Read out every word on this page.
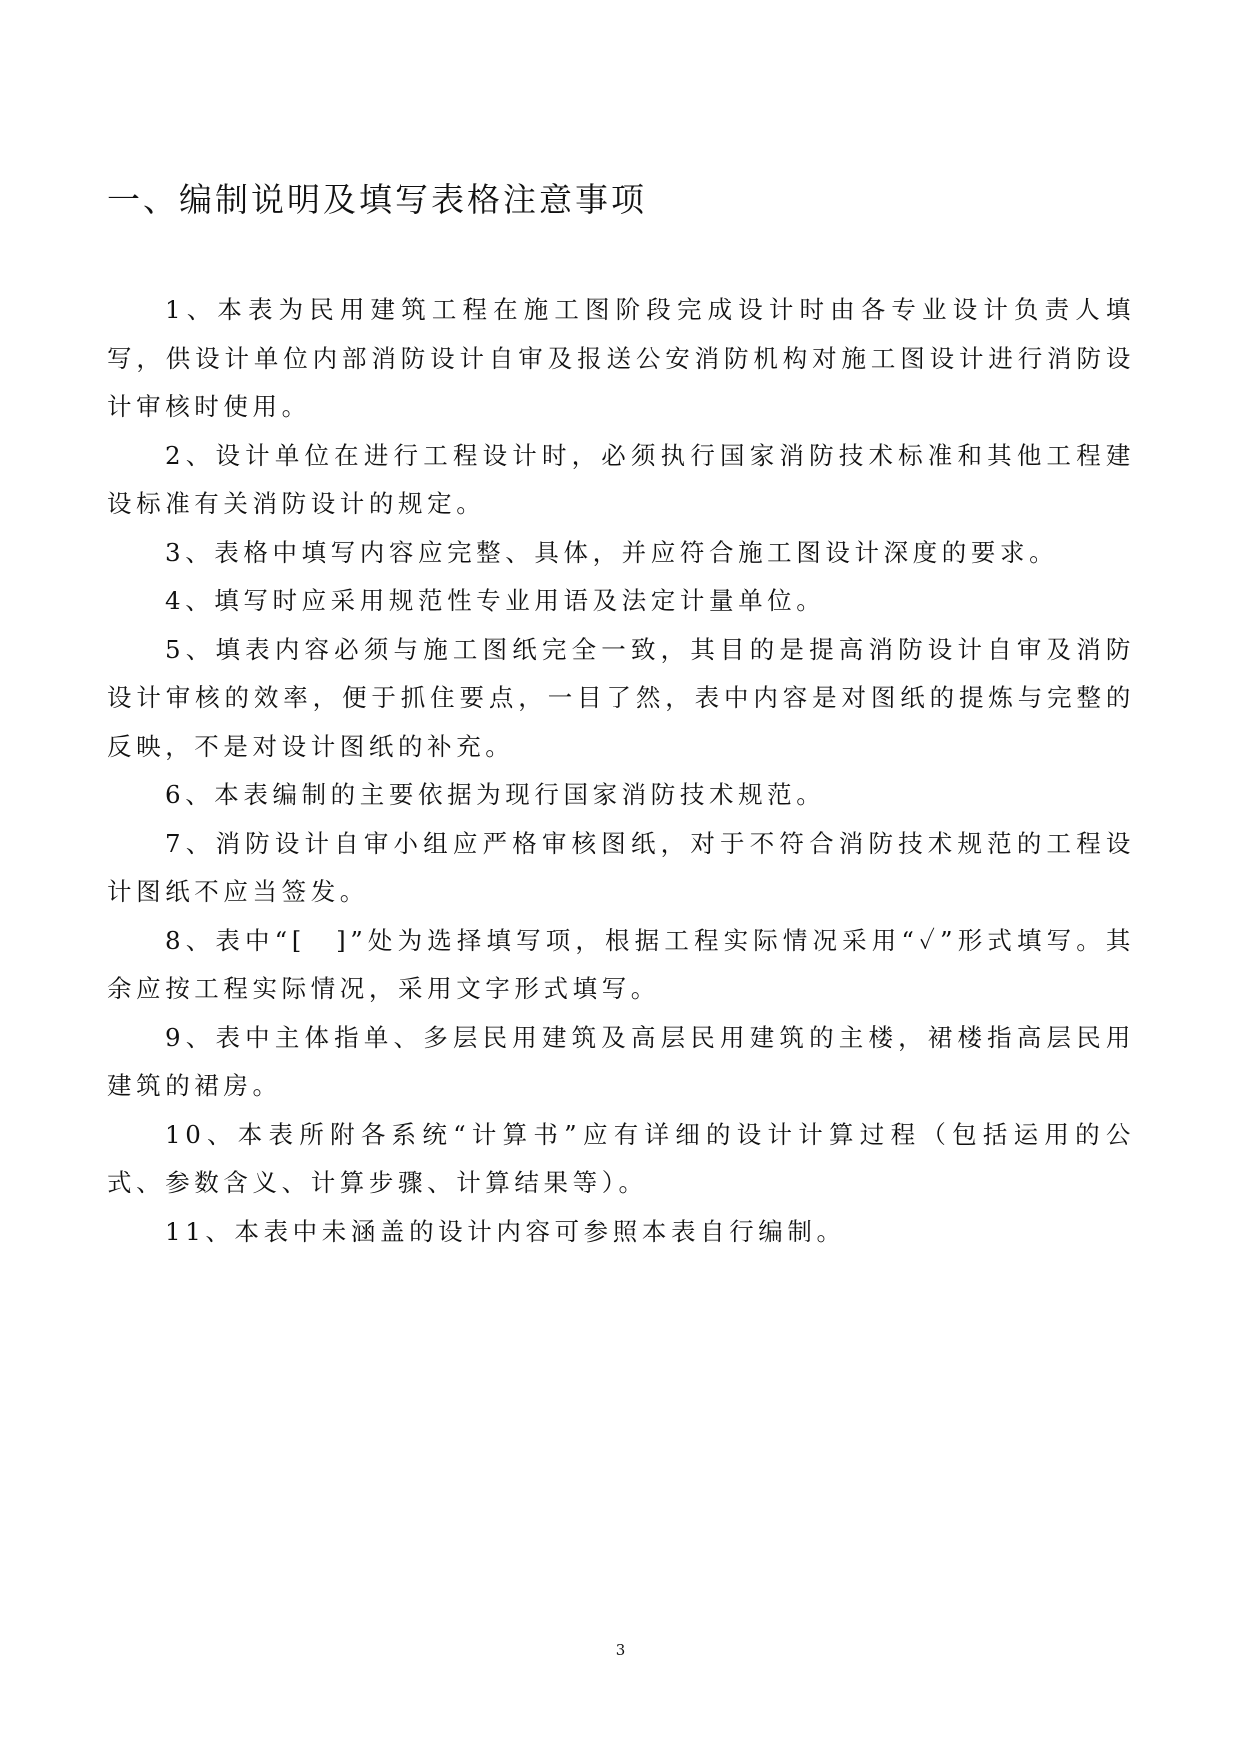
一、编制说明及填写表格注意事项
1、本表为民用建筑工程在施工图阶段完成设计时由各专业设计负责人填写，供设计单位内部消防设计自审及报送公安消防机构对施工图设计进行消防设计审核时使用。
2、设计单位在进行工程设计时，必须执行国家消防技术标准和其他工程建设标准有关消防设计的规定。
3、表格中填写内容应完整、具体，并应符合施工图设计深度的要求。
4、填写时应采用规范性专业用语及法定计量单位。
5、填表内容必须与施工图纸完全一致，其目的是提高消防设计自审及消防设计审核的效率，便于抓住要点，一目了然，表中内容是对图纸的提炼与完整的反映，不是对设计图纸的补充。
6、本表编制的主要依据为现行国家消防技术规范。
7、消防设计自审小组应严格审核图纸，对于不符合消防技术规范的工程设计图纸不应当签发。
8、表中“[　]”处为选择填写项，根据工程实际情况采用“✓”形式填写。其余应按工程实际情况，采用文字形式填写。
9、表中主体指单、多层民用建筑及高层民用建筑的主楼，裙楼指高层民用建筑的裙房。
10、本表所附各系统“计算书”应有详细的设计计算过程（包括运用的公式、参数含义、计算步骤、计算结果等）。
11、本表中未涵盖的设计内容可参照本表自行编制。

3
